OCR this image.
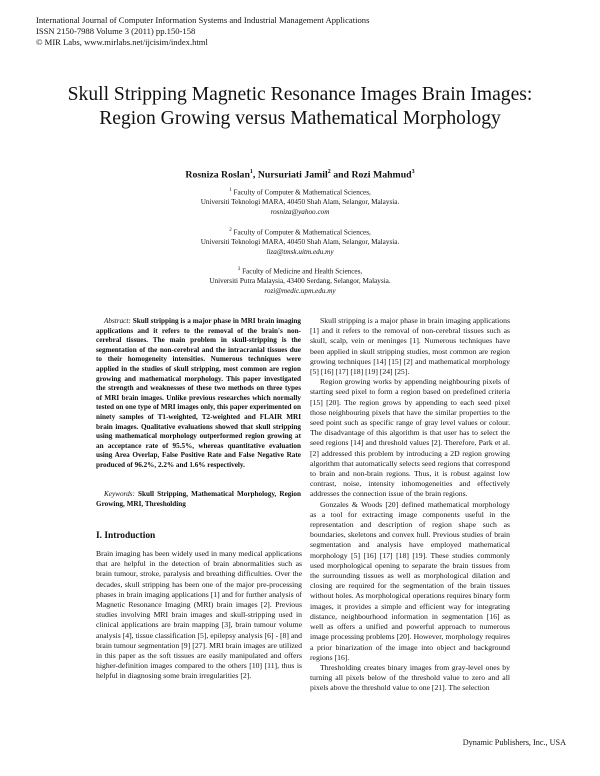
International Journal of Computer Information Systems and Industrial Management Applications
ISSN 2150-7988 Volume 3 (2011) pp.150-158
© MIR Labs, www.mirlabs.net/ijcisim/index.html
Skull Stripping Magnetic Resonance Images Brain Images: Region Growing versus Mathematical Morphology
Rosniza Roslan$^1$, Nursuriati Jamil$^2$ and Rozi Mahmud$^3$
$^1$ Faculty of Computer & Mathematical Sciences,
Universiti Teknologi MARA, 40450 Shah Alam, Selangor, Malaysia.
rosniza@yahoo.com
$^2$ Faculty of Computer & Mathematical Sciences,
Universiti Teknologi MARA, 40450 Shah Alam, Selangor, Malaysia.
liza@tmsk.uitm.edu.my
$^3$ Faculty of Medicine and Health Sciences,
Universiti Putra Malaysia, 43400 Serdang, Selangor, Malaysia.
rozi@medic.upm.edu.my

Abstract: Skull stripping is a major phase in MRI brain imaging applications and it refers to the removal of the brain's non-cerebral tissues. The main problem in skull-stripping is the segmentation of the non-cerebral and the intracranial tissues due to their homogeneity intensities. Numerous techniques were applied in the studies of skull stripping, most common are region growing and mathematical morphology. This paper investigated the strength and weaknesses of these two methods on three types of MRI brain images. Unlike previous researches which normally tested on one type of MRI images only, this paper experimented on ninety samples of T1-weighted, T2-weighted and FLAIR MRI brain images. Qualitative evaluations showed that skull stripping using mathematical morphology outperformed region growing at an acceptance rate of 95.5%, whereas quantitative evaluation using Area Overlap, False Positive Rate and False Negative Rate produced of 96.2%, 2.2% and 1.6% respectively.

Keywords: Skull Stripping, Mathematical Morphology, Region Growing, MRI, Thresholding
I. Introduction

Brain imaging has been widely used in many medical applications that are helpful in the detection of brain abnormalities such as brain tumour, stroke, paralysis and breathing difficulties. Over the decades, skull stripping has been one of the major pre-processing phases in brain imaging applications [1] and for further analysis of Magnetic Resonance Imaging (MRI) brain images [2]. Previous studies involving MRI brain images and skull-stripping used in clinical applications are brain mapping [3], brain tumour volume analysis [4], tissue classification [5], epilepsy analysis [6] - [8] and brain tumour segmentation [9] [27]. MRI brain images are utilized in this paper as the soft tissues are easily manipulated and offers higher-definition images compared to the others [10] [11], thus is helpful in diagnosing some brain irregularities [2].

Skull stripping is a major phase in brain imaging applications [1] and it refers to the removal of non-cerebral tissues such as skull, scalp, vein or meninges [1]. Numerous techniques have been applied in skull stripping studies, most common are region growing techniques [14] [15] [2] and mathematical morphology [5] [16] [17] [18] [19] [24] [25].

Region growing works by appending neighbouring pixels of starting seed pixel to form a region based on predefined criteria [15] [20]. The region grows by appending to each seed pixel those neighbouring pixels that have the similar properties to the seed point such as specific range of gray level values or colour. The disadvantage of this algorithm is that user has to select the seed regions [14] and threshold values [2]. Therefore, Park et al. [2] addressed this problem by introducing a 2D region growing algorithm that automatically selects seed regions that correspond to brain and non-brain regions. Thus, it is robust against low contrast, noise, intensity inhomogeneities and effectively addresses the connection issue of the brain regions.

Gonzales & Woods [20] defined mathematical morphology as a tool for extracting image components useful in the representation and description of region shape such as boundaries, skeletons and convex hull. Previous studies of brain segmentation and analysis have employed mathematical morphology [5] [16] [17] [18] [19]. These studies commonly used morphological opening to separate the brain tissues from the surrounding tissues as well as morphological dilation and closing are required for the segmentation of the brain tissues without holes. As morphological operations requires binary form images, it provides a simple and efficient way for integrating distance, neighbourhood information in segmentation [16] as well as offers a unified and powerful approach to numerous image processing problems [20]. However, morphology requires a prior binarization of the image into object and background regions [16].

Thresholding creates binary images from gray-level ones by turning all pixels below of the threshold value to zero and all pixels above the threshold value to one [21]. The selection

Dynamic Publishers, Inc., USA
